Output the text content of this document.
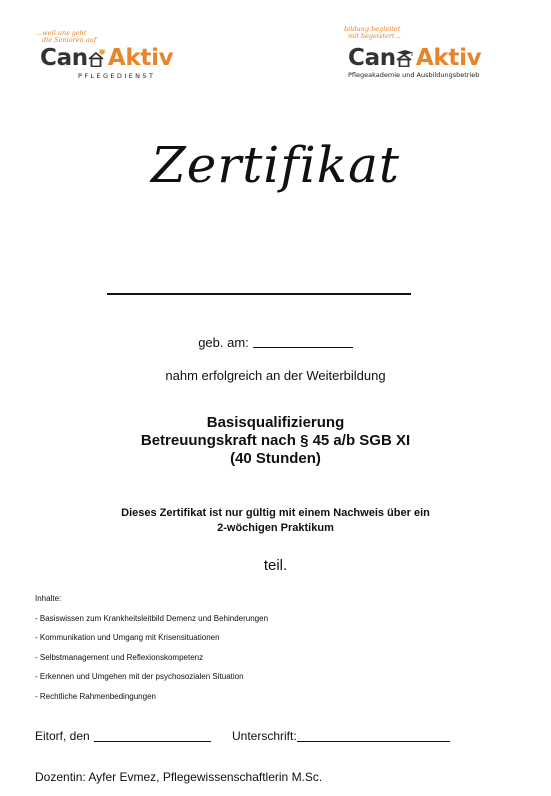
...weil uns geht
die Senioren auf
Can Aktiv
PFLEGEDIENST
bildung begleitet
mit begeistert...
Can Aktiv
Pflegeakademie und Ausbildungsbetrieb
Zertifikat
geb. am:
nahm erfolgreich an der Weiterbildung
Basisqualifizierung
Betreuungskraft nach § 45 a/b SGB XI
(40 Stunden)
Dieses Zertifikat ist nur gültig mit einem Nachweis über ein
2-wöchigen Praktikum
teil.
Inhalte:
- Basiswissen zum Krankheitsleitbild Demenz und Behinderungen
- Kommunikation und Umgang mit Krisensituationen
- Selbstmanagement und Reflexionskompetenz
- Erkennen und Umgehen mit der psychosozialen Situation
- Rechtliche Rahmenbedingungen
Eitorf, den	Unterschrift:
Dozentin: Ayfer Evmez, Pflegewissenschaftlerin M.Sc.
